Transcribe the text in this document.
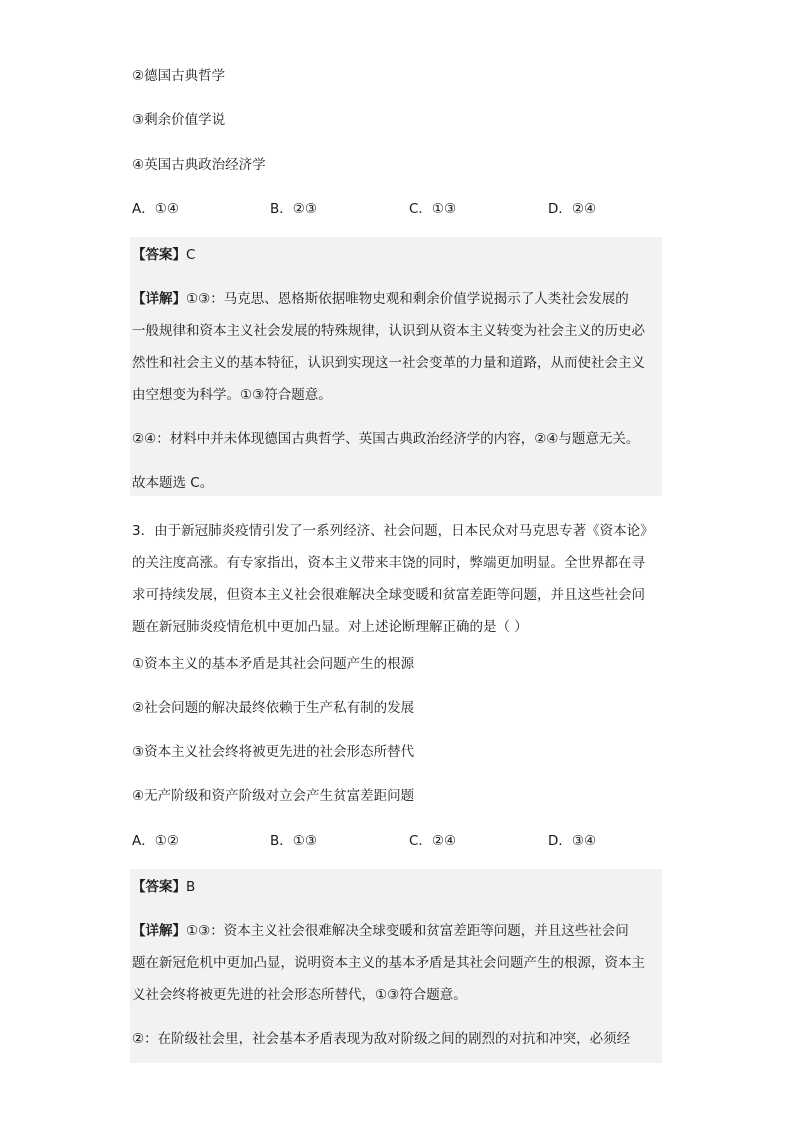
②德国古典哲学
③剩余价值学说
④英国古典政治经济学
A．①④	B．②③	C．①③	D．②④
【答案】C
【详解】①③：马克思、恩格斯依据唯物史观和剩余价值学说揭示了人类社会发展的
一般规律和资本主义社会发展的特殊规律，认识到从资本主义转变为社会主义的历史必
然性和社会主义的基本特征，认识到实现这一社会变革的力量和道路，从而使社会主义
由空想变为科学。①③符合题意。
②④：材料中并未体现德国古典哲学、英国古典政治经济学的内容，②④与题意无关。
故本题选 C。
3．由于新冠肺炎疫情引发了一系列经济、社会问题，日本民众对马克思专著《资本论》
的关注度高涨。有专家指出，资本主义带来丰饶的同时，弊端更加明显。全世界都在寻
求可持续发展，但资本主义社会很难解决全球变暖和贫富差距等问题，并且这些社会问
题在新冠肺炎疫情危机中更加凸显。对上述论断理解正确的是（ ）
①资本主义的基本矛盾是其社会问题产生的根源
②社会问题的解决最终依赖于生产私有制的发展
③资本主义社会终将被更先进的社会形态所替代
④无产阶级和资产阶级对立会产生贫富差距问题
A．①②	B．①③	C．②④	D．③④
【答案】B
【详解】①③：资本主义社会很难解决全球变暖和贫富差距等问题，并且这些社会问
题在新冠危机中更加凸显，说明资本主义的基本矛盾是其社会问题产生的根源，资本主
义社会终将被更先进的社会形态所替代，①③符合题意。
②：在阶级社会里，社会基本矛盾表现为敌对阶级之间的剧烈的对抗和冲突，必须经
